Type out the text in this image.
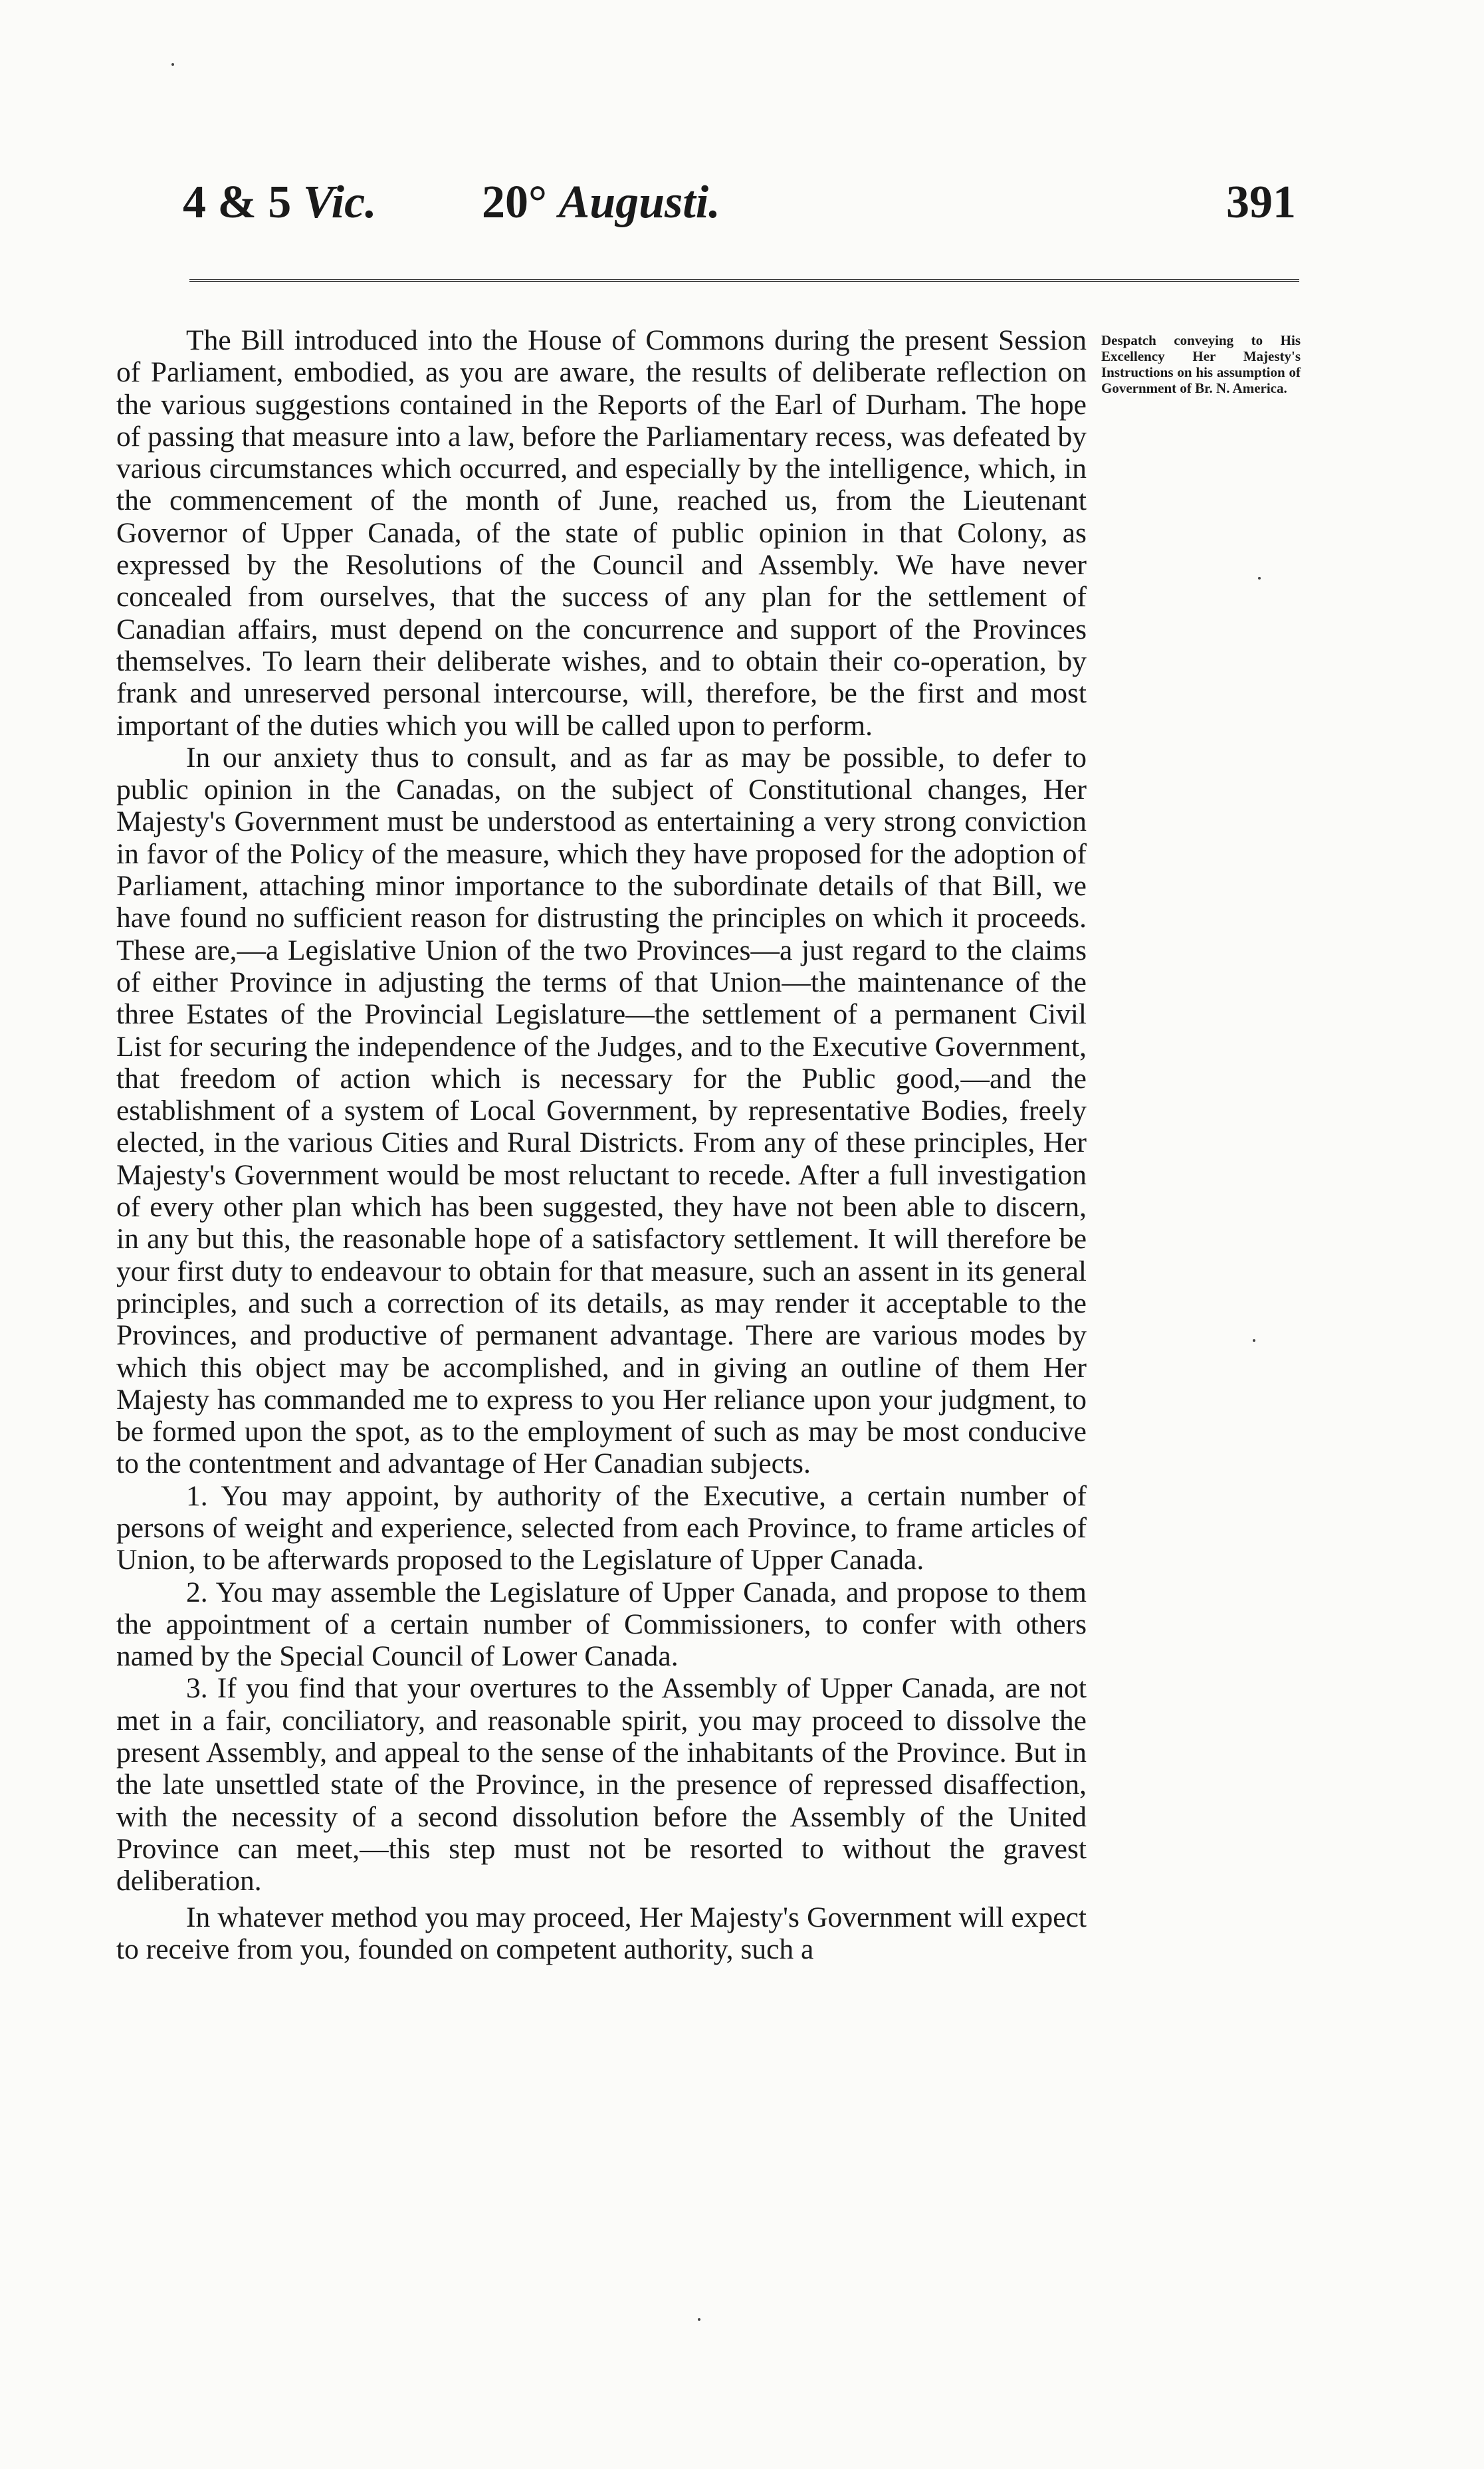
4 & 5 Vic. 20° Augusti.	391
Despatch conveying to His Excellency Her Majesty's Instructions on his assumption of Government of Br. N. America.

The Bill introduced into the House of Commons during the present Session of Parliament, embodied, as you are aware, the results of deliberate reflection on the various suggestions contained in the Reports of the Earl of Durham. The hope of passing that measure into a law, before the Parliamentary recess, was defeated by various circumstances which occurred, and especially by the intelligence, which, in the commencement of the month of June, reached us, from the Lieutenant Governor of Upper Canada, of the state of public opinion in that Colony, as expressed by the Resolutions of the Council and Assembly. We have never concealed from ourselves, that the success of any plan for the settlement of Canadian affairs, must depend on the concurrence and support of the Provinces themselves. To learn their deliberate wishes, and to obtain their co-operation, by frank and unreserved personal intercourse, will, therefore, be the first and most important of the duties which you will be called upon to perform.

In our anxiety thus to consult, and as far as may be possible, to defer to public opinion in the Canadas, on the subject of Constitutional changes, Her Majesty's Government must be understood as entertaining a very strong conviction in favor of the Policy of the measure, which they have proposed for the adoption of Parliament, attaching minor importance to the subordinate details of that Bill, we have found no sufficient reason for distrusting the principles on which it proceeds. These are,—a Legislative Union of the two Provinces—a just regard to the claims of either Province in adjusting the terms of that Union—the maintenance of the three Estates of the Provincial Legislature—the settlement of a permanent Civil List for securing the independence of the Judges, and to the Executive Government, that freedom of action which is necessary for the Public good,—and the establishment of a system of Local Government, by representative Bodies, freely elected, in the various Cities and Rural Districts. From any of these principles, Her Majesty's Government would be most reluctant to recede. After a full investigation of every other plan which has been suggested, they have not been able to discern, in any but this, the reasonable hope of a satisfactory settlement. It will therefore be your first duty to endeavour to obtain for that measure, such an assent in its general principles, and such a correction of its details, as may render it acceptable to the Provinces, and productive of permanent advantage. There are various modes by which this object may be accomplished, and in giving an outline of them Her Majesty has commanded me to express to you Her reliance upon your judgment, to be formed upon the spot, as to the employment of such as may be most conducive to the contentment and advantage of Her Canadian subjects.

1. You may appoint, by authority of the Executive, a certain number of persons of weight and experience, selected from each Province, to frame articles of Union, to be afterwards proposed to the Legislature of Upper Canada.

2. You may assemble the Legislature of Upper Canada, and propose to them the appointment of a certain number of Commissioners, to confer with others named by the Special Council of Lower Canada.

3. If you find that your overtures to the Assembly of Upper Canada, are not met in a fair, conciliatory, and reasonable spirit, you may proceed to dissolve the present Assembly, and appeal to the sense of the inhabitants of the Province. But in the late unsettled state of the Province, in the presence of repressed disaffection, with the necessity of a second dissolution before the Assembly of the United Province can meet,—this step must not be resorted to without the gravest deliberation.

In whatever method you may proceed, Her Majesty's Government will expect to receive from you, founded on competent authority, such a
